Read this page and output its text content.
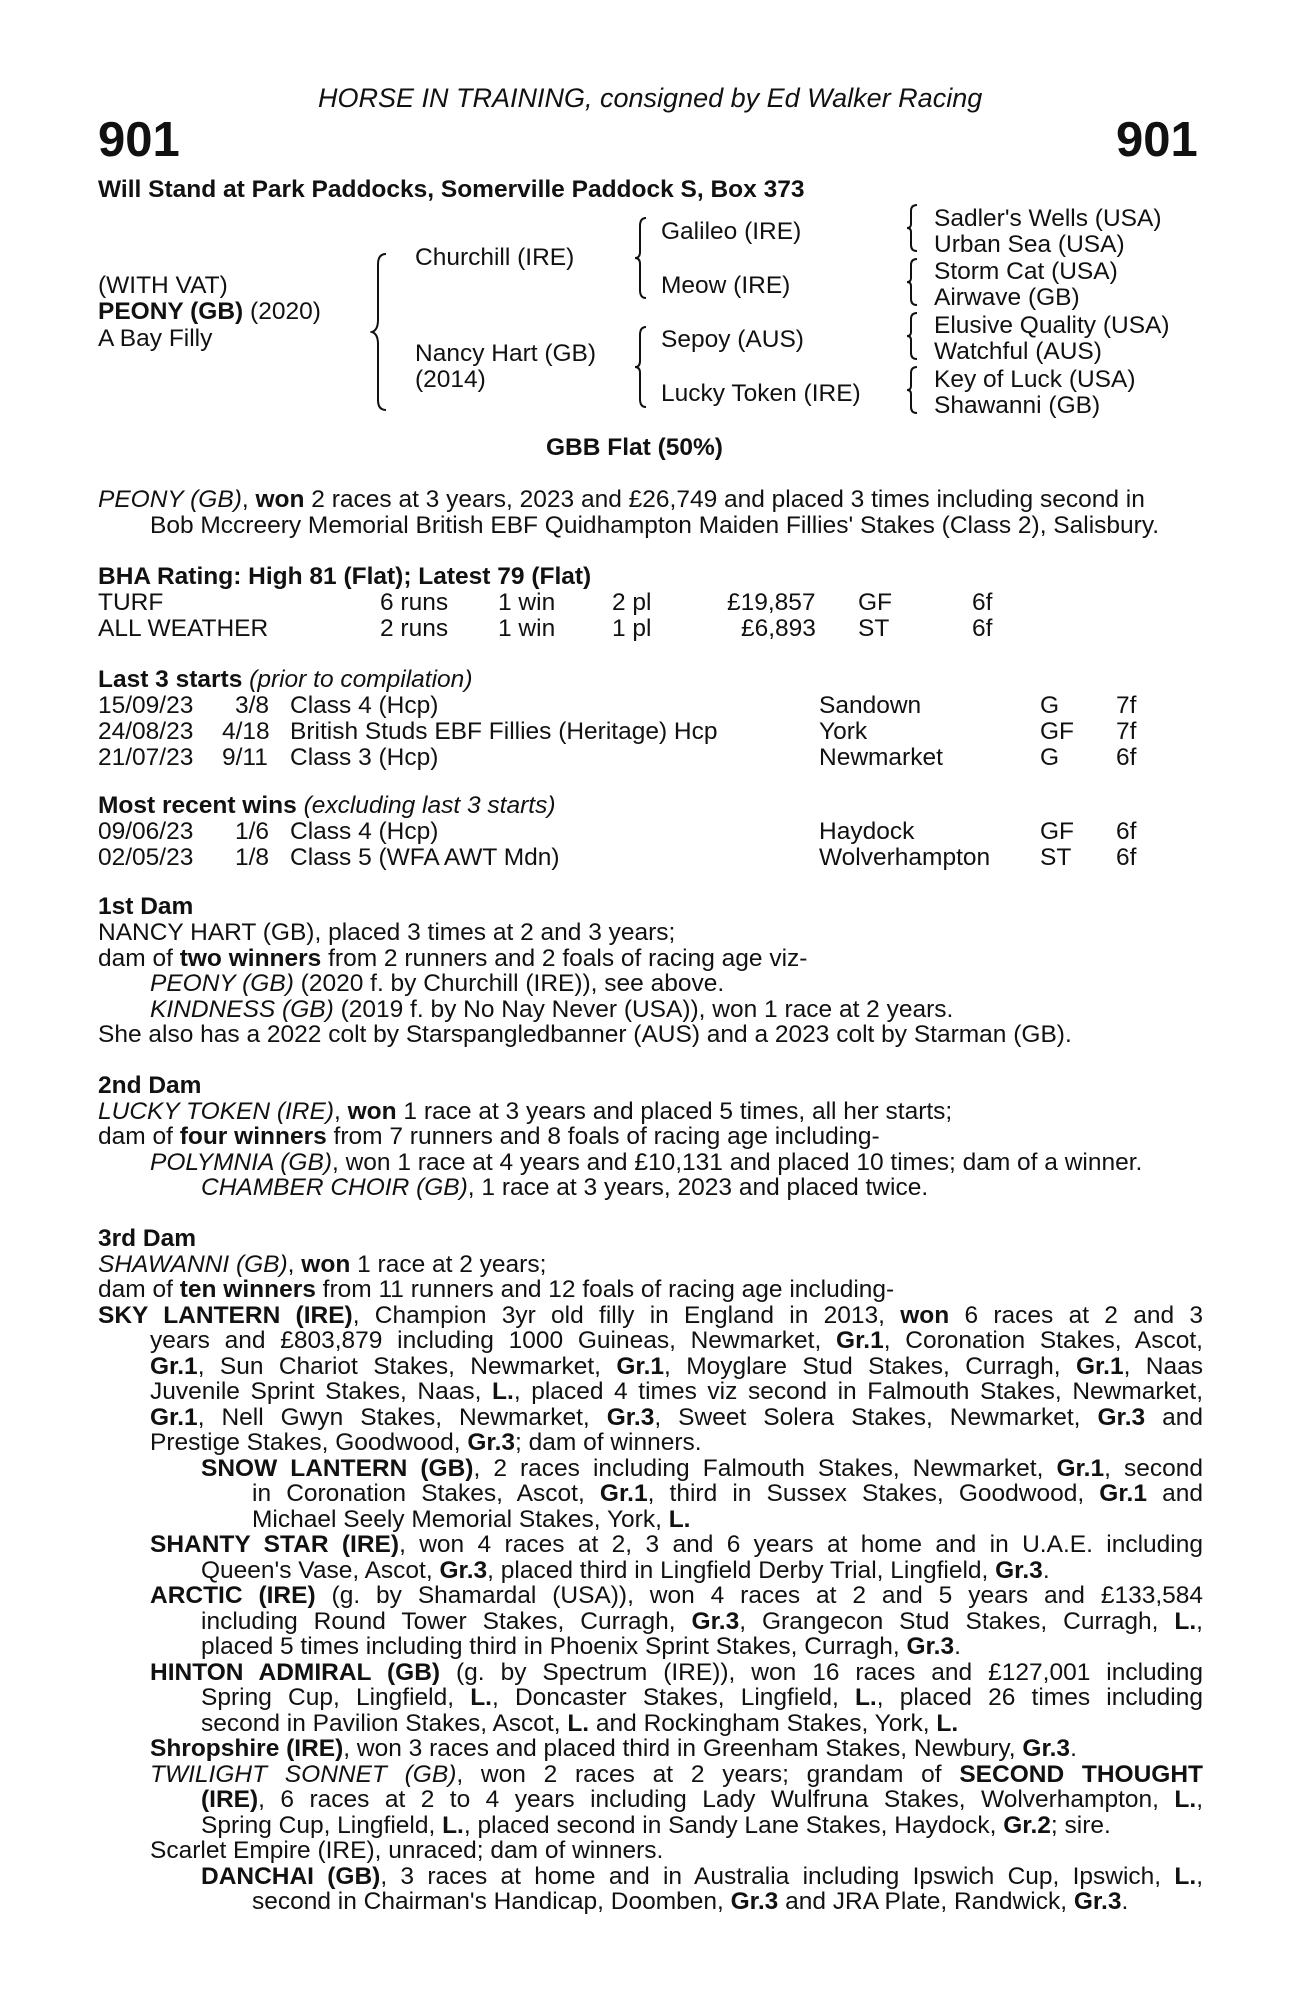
HORSE IN TRAINING, consigned by Ed Walker Racing
901	901
Will Stand at Park Paddocks, Somerville Paddock S, Box 373
(WITH VAT)
PEONY (GB) (2020)
A Bay Filly
Churchill (IRE)
Nancy Hart (GB)
(2014)
Galileo (IRE)
Meow (IRE)
Sepoy (AUS)
Lucky Token (IRE)
Sadler's Wells (USA)
Urban Sea (USA)
Storm Cat (USA)
Airwave (GB)
Elusive Quality (USA)
Watchful (AUS)
Key of Luck (USA)
Shawanni (GB)
GBB Flat (50%)
PEONY (GB), won 2 races at 3 years, 2023 and £26,749 and placed 3 times including second in
Bob Mccreery Memorial British EBF Quidhampton Maiden Fillies' Stakes (Class 2), Salisbury.
BHA Rating: High 81 (Flat); Latest 79 (Flat)
TURF	6 runs 1 win 2 pl	£19,857 GF	6f
ALL WEATHER	2 runs 1 win 1 pl	£6,893 ST	6f
Last 3 starts (prior to compilation)
15/09/23 3/8 Class 4 (Hcp)	Sandown	G 7f
24/08/23 4/18 British Studs EBF Fillies (Heritage) Hcp	York	GF 7f
21/07/23 9/11 Class 3 (Hcp)	Newmarket	G 6f
Most recent wins (excluding last 3 starts)
09/06/23 1/6 Class 4 (Hcp)	Haydock	GF 6f
02/05/23 1/8 Class 5 (WFA AWT Mdn)	Wolverhampton ST 6f
1st Dam
NANCY HART (GB), placed 3 times at 2 and 3 years;
dam of two winners from 2 runners and 2 foals of racing age viz-
PEONY (GB) (2020 f. by Churchill (IRE)), see above.
KINDNESS (GB) (2019 f. by No Nay Never (USA)), won 1 race at 2 years.
She also has a 2022 colt by Starspangledbanner (AUS) and a 2023 colt by Starman (GB).
2nd Dam
LUCKY TOKEN (IRE), won 1 race at 3 years and placed 5 times, all her starts;
dam of four winners from 7 runners and 8 foals of racing age including-
POLYMNIA (GB), won 1 race at 4 years and £10,131 and placed 10 times; dam of a winner.
CHAMBER CHOIR (GB), 1 race at 3 years, 2023 and placed twice.
3rd Dam
SHAWANNI (GB), won 1 race at 2 years;
dam of ten winners from 11 runners and 12 foals of racing age including-
SKY LANTERN (IRE), Champion 3yr old filly in England in 2013, won 6 races at 2 and 3
years and £803,879 including 1000 Guineas, Newmarket, Gr.1, Coronation Stakes, Ascot,
Gr.1, Sun Chariot Stakes, Newmarket, Gr.1, Moyglare Stud Stakes, Curragh, Gr.1, Naas
Juvenile Sprint Stakes, Naas, L., placed 4 times viz second in Falmouth Stakes, Newmarket,
Gr.1, Nell Gwyn Stakes, Newmarket, Gr.3, Sweet Solera Stakes, Newmarket, Gr.3 and
Prestige Stakes, Goodwood, Gr.3; dam of winners.
SNOW LANTERN (GB), 2 races including Falmouth Stakes, Newmarket, Gr.1, second
in Coronation Stakes, Ascot, Gr.1, third in Sussex Stakes, Goodwood, Gr.1 and
Michael Seely Memorial Stakes, York, L.
SHANTY STAR (IRE), won 4 races at 2, 3 and 6 years at home and in U.A.E. including
Queen's Vase, Ascot, Gr.3, placed third in Lingfield Derby Trial, Lingfield, Gr.3.
ARCTIC (IRE) (g. by Shamardal (USA)), won 4 races at 2 and 5 years and £133,584
including Round Tower Stakes, Curragh, Gr.3, Grangecon Stud Stakes, Curragh, L.,
placed 5 times including third in Phoenix Sprint Stakes, Curragh, Gr.3.
HINTON ADMIRAL (GB) (g. by Spectrum (IRE)), won 16 races and £127,001 including
Spring Cup, Lingfield, L., Doncaster Stakes, Lingfield, L., placed 26 times including
second in Pavilion Stakes, Ascot, L. and Rockingham Stakes, York, L.
Shropshire (IRE), won 3 races and placed third in Greenham Stakes, Newbury, Gr.3.
TWILIGHT SONNET (GB), won 2 races at 2 years; grandam of SECOND THOUGHT
(IRE), 6 races at 2 to 4 years including Lady Wulfruna Stakes, Wolverhampton, L.,
Spring Cup, Lingfield, L., placed second in Sandy Lane Stakes, Haydock, Gr.2; sire.
Scarlet Empire (IRE), unraced; dam of winners.
DANCHAI (GB), 3 races at home and in Australia including Ipswich Cup, Ipswich, L.,
second in Chairman's Handicap, Doomben, Gr.3 and JRA Plate, Randwick, Gr.3.
